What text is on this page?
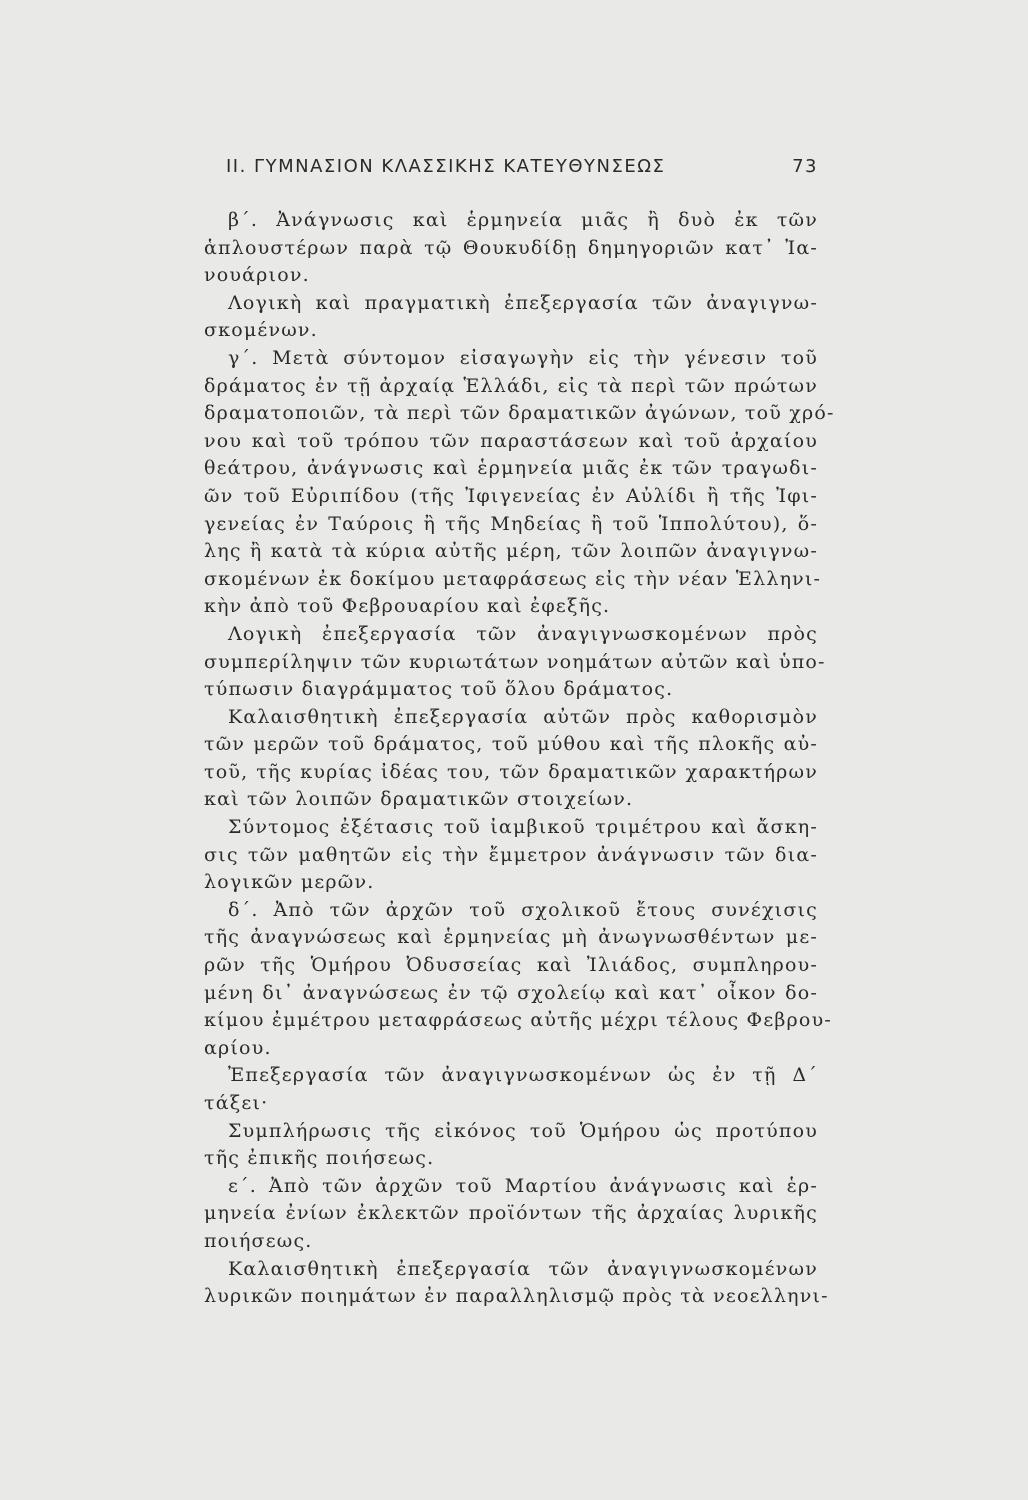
II. ΓΥΜΝΑΣΙΟΝ ΚΛΑΣΣΙΚΗΣ ΚΑΤΕΥΘΥΝΣΕΩΣ	73
β΄. Ἀνάγνωσις καὶ ἑρμηνεία μιᾶς ἢ δυὸ ἐκ τῶν
ἁπλουστέρων παρὰ τῷ Θουκυδίδῃ δημηγοριῶν κατ᾿ Ἰα-
νουάριον.
Λογικὴ καὶ πραγματικὴ ἐπεξεργασία τῶν ἀναγιγνω-
σκομένων.
γ΄. Μετὰ σύντομον εἰσαγωγὴν εἰς τὴν γένεσιν τοῦ
δράματος ἐν τῇ ἀρχαίᾳ Ἑλλάδι, εἰς τὰ περὶ τῶν πρώτων
δραματοποιῶν, τὰ περὶ τῶν δραματικῶν ἀγώνων, τοῦ χρό-
νου καὶ τοῦ τρόπου τῶν παραστάσεων καὶ τοῦ ἀρχαίου
θεάτρου, ἀνάγνωσις καὶ ἑρμηνεία μιᾶς ἐκ τῶν τραγωδι-
ῶν τοῦ Εὐριπίδου (τῆς Ἰφιγενείας ἐν Αὐλίδι ἢ τῆς Ἰφι-
γενείας ἐν Ταύροις ἢ τῆς Μηδείας ἢ τοῦ Ἱππολύτου), ὅ-
λης ἢ κατὰ τὰ κύρια αὐτῆς μέρη, τῶν λοιπῶν ἀναγιγνω-
σκομένων ἐκ δοκίμου μεταφράσεως εἰς τὴν νέαν Ἑλληνι-
κὴν ἀπὸ τοῦ Φεβρουαρίου καὶ ἐφεξῆς.
Λογικὴ ἐπεξεργασία τῶν ἀναγιγνωσκομένων πρὸς
συμπερίληψιν τῶν κυριωτάτων νοημάτων αὐτῶν καὶ ὑπο-
τύπωσιν διαγράμματος τοῦ ὅλου δράματος.
Καλαισθητικὴ ἐπεξεργασία αὐτῶν πρὸς καθορισμὸν
τῶν μερῶν τοῦ δράματος, τοῦ μύθου καὶ τῆς πλοκῆς αὐ-
τοῦ, τῆς κυρίας ἰδέας του, τῶν δραματικῶν χαρακτήρων
καὶ τῶν λοιπῶν δραματικῶν στοιχείων.
Σύντομος ἐξέτασις τοῦ ἰαμβικοῦ τριμέτρου καὶ ἄσκη-
σις τῶν μαθητῶν εἰς τὴν ἔμμετρον ἀνάγνωσιν τῶν δια-
λογικῶν μερῶν.
δ΄. Ἀπὸ τῶν ἀρχῶν τοῦ σχολικοῦ ἔτους συνέχισις
τῆς ἀναγνώσεως καὶ ἑρμηνείας μὴ ἀνωγνωσθέντων με-
ρῶν τῆς Ὁμήρου Ὀδυσσείας καὶ Ἰλιάδος, συμπληρου-
μένη δι᾿ ἀναγνώσεως ἐν τῷ σχολείῳ καὶ κατ᾿ οἶκον δο-
κίμου ἐμμέτρου μεταφράσεως αὐτῆς μέχρι τέλους Φεβρου-
αρίου.
Ἐπεξεργασία τῶν ἀναγιγνωσκομένων ὡς ἐν τῇ Δ΄
τάξει·
Συμπλήρωσις τῆς εἰκόνος τοῦ Ὁμήρου ὡς προτύπου
τῆς ἐπικῆς ποιήσεως.
ε΄. Ἀπὸ τῶν ἀρχῶν τοῦ Μαρτίου ἀνάγνωσις καὶ ἑρ-
μηνεία ἐνίων ἐκλεκτῶν προϊόντων τῆς ἀρχαίας λυρικῆς
ποιήσεως.
Καλαισθητικὴ ἐπεξεργασία τῶν ἀναγιγνωσκομένων
λυρικῶν ποιημάτων ἐν παραλληλισμῷ πρὸς τὰ νεοελληνι-
